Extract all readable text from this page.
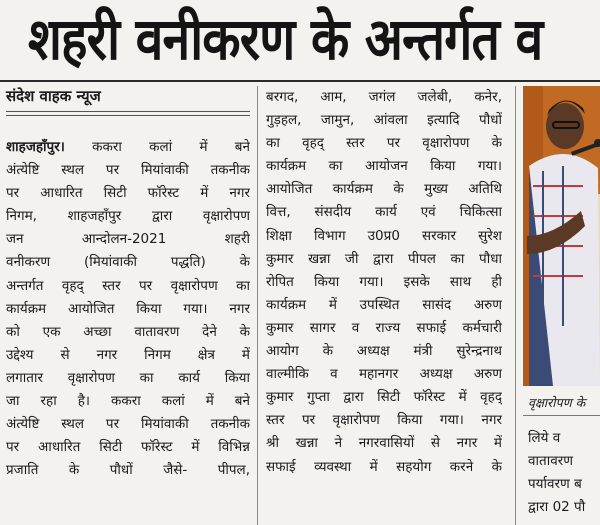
शहरी वनीकरण के अन्तर्गत व
संदेश वाहक न्यूज
शाहजहाँपुर। ककरा कलां में बने
अंत्येष्टि स्थल पर मियांवाकी तकनीक
पर आधारित सिटी फॉरेस्ट में नगर
निगम, शाहजहाँपुर द्वारा वृक्षारोपण
जन आन्दोलन-2021 शहरी
वनीकरण (मियांवाकी पद्धति) के
अन्तर्गत वृहद् स्तर पर वृक्षारोपण का
कार्यक्रम आयोजित किया गया। नगर
को एक अच्छा वातावरण देने के
उद्देश्य से नगर निगम क्षेत्र में
लगातार वृक्षारोपण का कार्य किया
जा रहा है। ककरा कलां में बने
अंत्येष्टि स्थल पर मियांवाकी तकनीक
पर आधारित सिटी फॉरेस्ट में विभिन्न
प्रजाति के पौधों जैसे- पीपल,
बरगद, आम, जगंल जलेबी, कनेर,
गुड़हल, जामुन, आंवला इत्यादि पौधों
का वृहद् स्तर पर वृक्षारोपण के
कार्यक्रम का आयोजन किया गया।
आयोजित कार्यक्रम के मुख्य अतिथि
वित्त, संसदीय कार्य एवं चिकित्सा
शिक्षा विभाग उ0प्र0 सरकार सुरेश
कुमार खन्ना जी द्वारा पीपल का पौधा
रोपित किया गया। इसके साथ ही
कार्यक्रम में उपस्थित सासंद अरुण
कुमार सागर व राज्य सफाई कर्मचारी
आयोग के अध्यक्ष मंत्री सुरेन्द्रनाथ
वाल्मीकि व महानगर अध्यक्ष अरुण
कुमार गुप्ता द्वारा सिटी फॉरेस्ट में वृहद्
स्तर पर वृक्षारोपण किया गया। नगर
श्री खन्ना ने नगरवासियों से नगर में
सफाई व्यवस्था में सहयोग करने के
वृक्षारोपण के
लिये व
वातावरण
पर्यावरण ब
द्वारा 02 पौ
